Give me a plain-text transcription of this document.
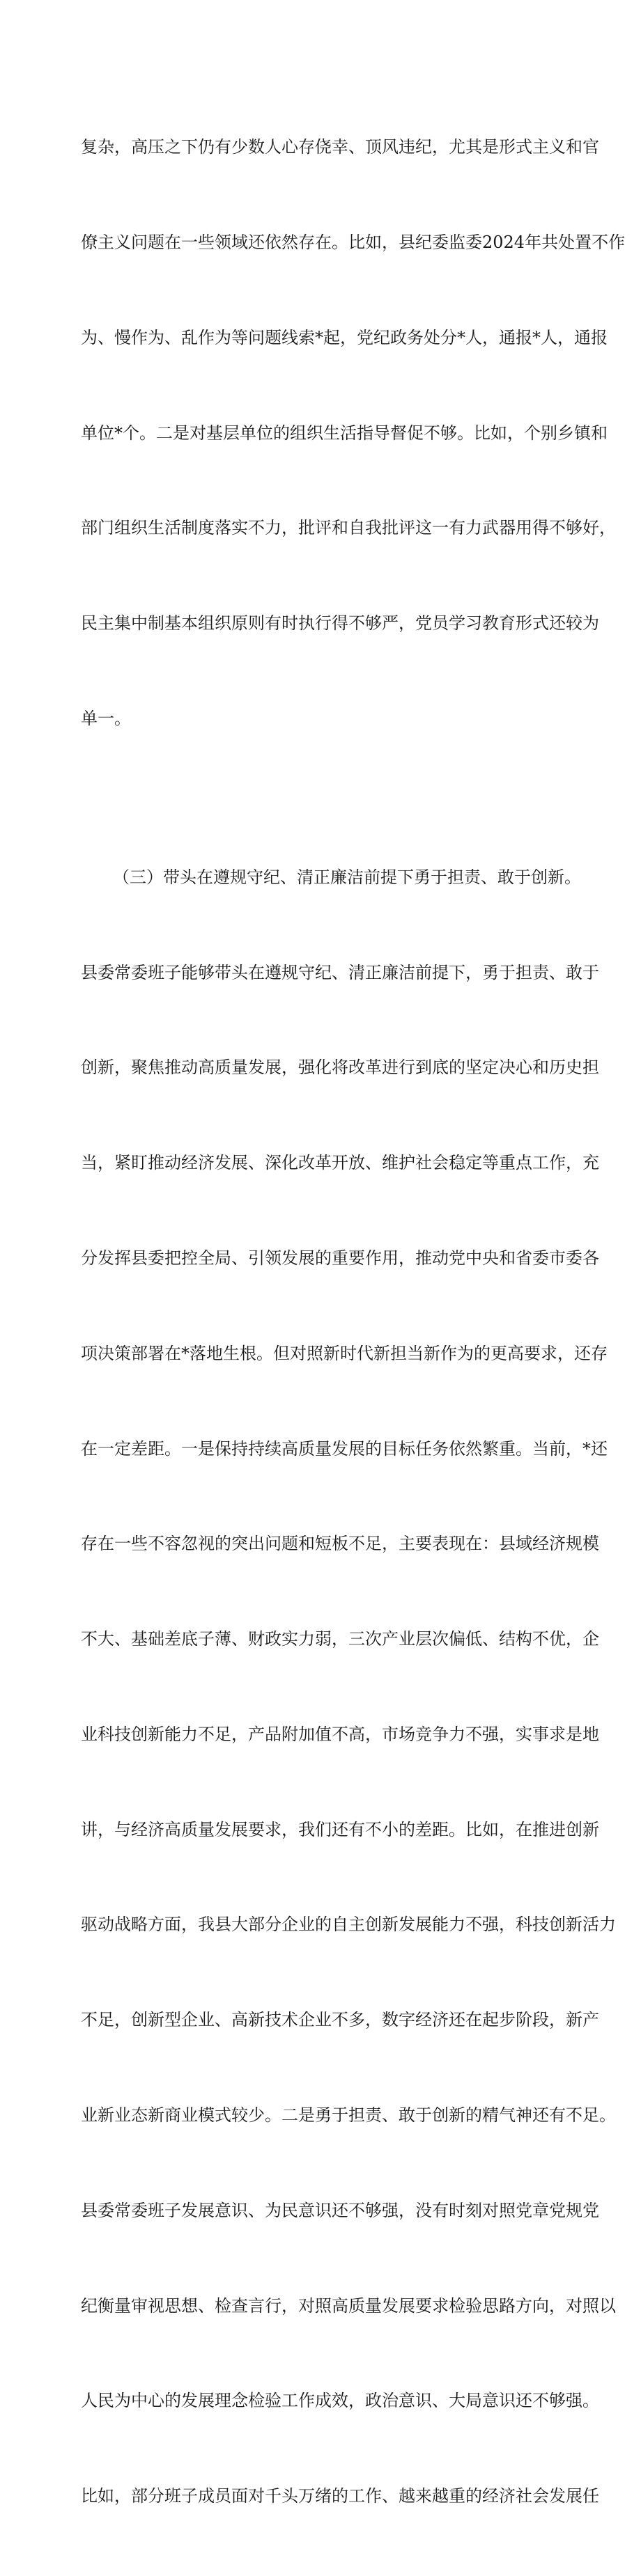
复杂，高压之下仍有少数人心存侥幸、顶风违纪，尤其是形式主义和官

僚主义问题在一些领域还依然存在。比如，县纪委监委2024年共处置不作

为、慢作为、乱作为等问题线索*起，党纪政务处分*人，通报*人，通报

单位*个。二是对基层单位的组织生活指导督促不够。比如，个别乡镇和

部门组织生活制度落实不力，批评和自我批评这一有力武器用得不够好，

民主集中制基本组织原则有时执行得不够严，党员学习教育形式还较为

单一。

（三）带头在遵规守纪、清正廉洁前提下勇于担责、敢于创新。

县委常委班子能够带头在遵规守纪、清正廉洁前提下，勇于担责、敢于

创新，聚焦推动高质量发展，强化将改革进行到底的坚定决心和历史担

当，紧盯推动经济发展、深化改革开放、维护社会稳定等重点工作，充

分发挥县委把控全局、引领发展的重要作用，推动党中央和省委市委各

项决策部署在*落地生根。但对照新时代新担当新作为的更高要求，还存

在一定差距。一是保持持续高质量发展的目标任务依然繁重。当前，*还

存在一些不容忽视的突出问题和短板不足，主要表现在：县域经济规模

不大、基础差底子薄、财政实力弱，三次产业层次偏低、结构不优，企

业科技创新能力不足，产品附加值不高，市场竞争力不强，实事求是地

讲，与经济高质量发展要求，我们还有不小的差距。比如，在推进创新

驱动战略方面，我县大部分企业的自主创新发展能力不强，科技创新活力

不足，创新型企业、高新技术企业不多，数字经济还在起步阶段，新产

业新业态新商业模式较少。二是勇于担责、敢于创新的精气神还有不足。

县委常委班子发展意识、为民意识还不够强，没有时刻对照党章党规党

纪衡量审视思想、检查言行，对照高质量发展要求检验思路方向，对照以

人民为中心的发展理念检验工作成效，政治意识、大局意识还不够强。

比如，部分班子成员面对千头万绪的工作、越来越重的经济社会发展任
